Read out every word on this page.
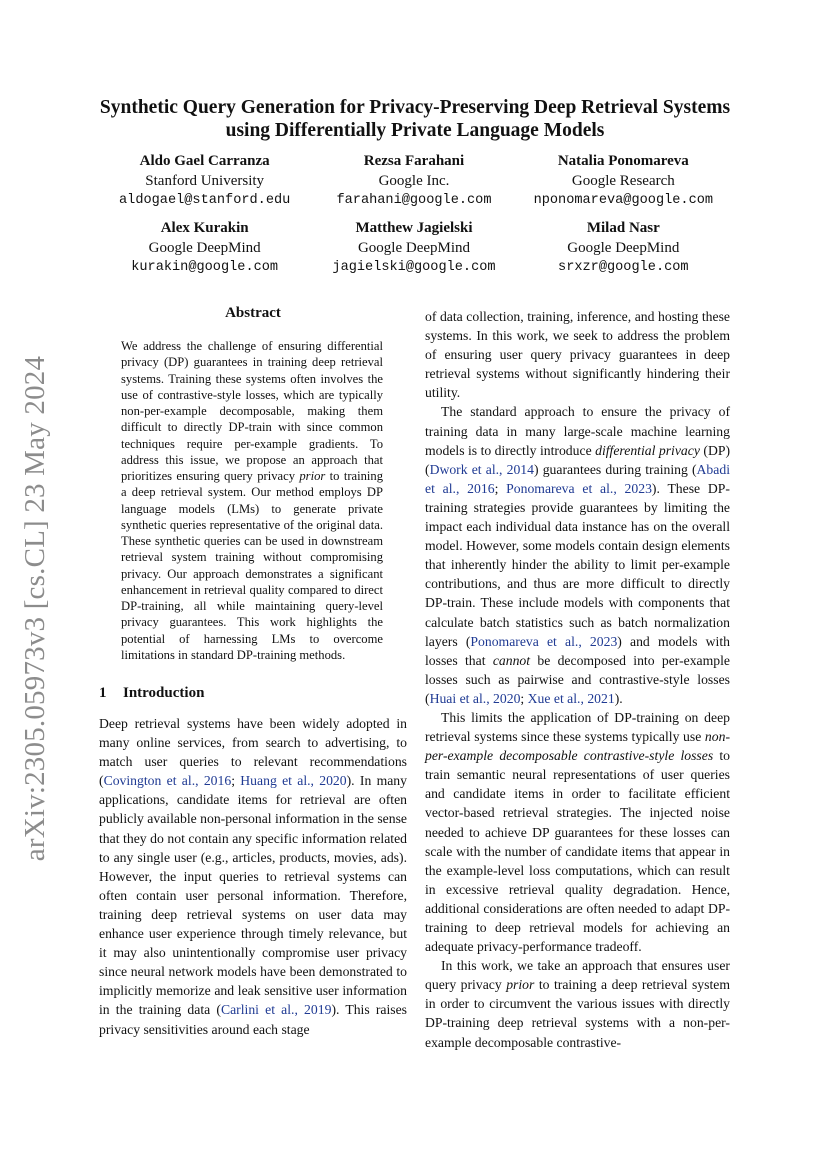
arXiv:2305.05973v3 [cs.CL] 23 May 2024
Synthetic Query Generation for Privacy-Preserving Deep Retrieval Systems using Differentially Private Language Models
Aldo Gael Carranza
Stanford University
aldogael@stanford.edu
Rezsa Farahani
Google Inc.
farahani@google.com
Natalia Ponomareva
Google Research
nponomareva@google.com
Alex Kurakin
Google DeepMind
kurakin@google.com
Matthew Jagielski
Google DeepMind
jagielski@google.com
Milad Nasr
Google DeepMind
srxzr@google.com
Abstract

We address the challenge of ensuring differential privacy (DP) guarantees in training deep retrieval systems. Training these systems often involves the use of contrastive-style losses, which are typically non-per-example decomposable, making them difficult to directly DP-train with since common techniques require per-example gradients. To address this issue, we propose an approach that prioritizes ensuring query privacy prior to training a deep retrieval system. Our method employs DP language models (LMs) to generate private synthetic queries representative of the original data. These synthetic queries can be used in downstream retrieval system training without compromising privacy. Our approach demonstrates a significant enhancement in retrieval quality compared to direct DP-training, all while maintaining query-level privacy guarantees. This work highlights the potential of harnessing LMs to overcome limitations in standard DP-training methods.

1 Introduction

Deep retrieval systems have been widely adopted in many online services, from search to advertising, to match user queries to relevant recommendations (Covington et al., 2016; Huang et al., 2020). In many applications, candidate items for retrieval are often publicly available non-personal information in the sense that they do not contain any specific information related to any single user (e.g., articles, products, movies, ads). However, the input queries to retrieval systems can often contain user personal information. Therefore, training deep retrieval systems on user data may enhance user experience through timely relevance, but it may also unintentionally compromise user privacy since neural network models have been demonstrated to implicitly memorize and leak sensitive user information in the training data (Carlini et al., 2019). This raises privacy sensitivities around each stage

of data collection, training, inference, and hosting these systems. In this work, we seek to address the problem of ensuring user query privacy guarantees in deep retrieval systems without significantly hindering their utility.

The standard approach to ensure the privacy of training data in many large-scale machine learning models is to directly introduce differential privacy (DP) (Dwork et al., 2014) guarantees during training (Abadi et al., 2016; Ponomareva et al., 2023). These DP-training strategies provide guarantees by limiting the impact each individual data instance has on the overall model. However, some models contain design elements that inherently hinder the ability to limit per-example contributions, and thus are more difficult to directly DP-train. These include models with components that calculate batch statistics such as batch normalization layers (Ponomareva et al., 2023) and models with losses that cannot be decomposed into per-example losses such as pairwise and contrastive-style losses (Huai et al., 2020; Xue et al., 2021).

This limits the application of DP-training on deep retrieval systems since these systems typically use non-per-example decomposable contrastive-style losses to train semantic neural representations of user queries and candidate items in order to facilitate efficient vector-based retrieval strategies. The injected noise needed to achieve DP guarantees for these losses can scale with the number of candidate items that appear in the example-level loss computations, which can result in excessive retrieval quality degradation. Hence, additional considerations are often needed to adapt DP-training to deep retrieval models for achieving an adequate privacy-performance tradeoff.

In this work, we take an approach that ensures user query privacy prior to training a deep retrieval system in order to circumvent the various issues with directly DP-training deep retrieval systems with a non-per-example decomposable contrastive-
